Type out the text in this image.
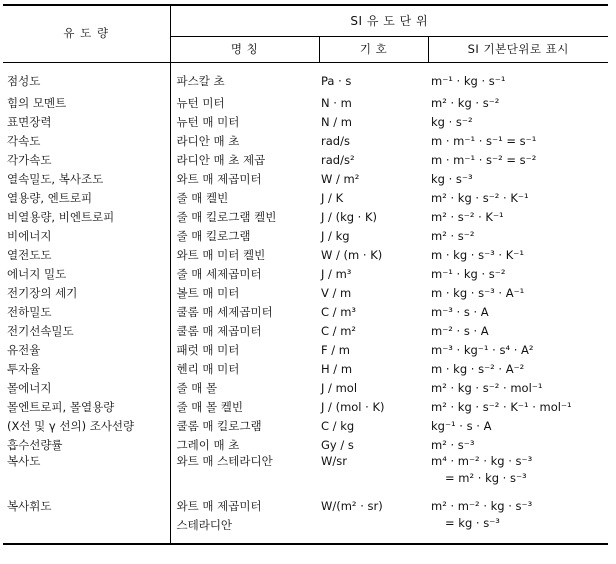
유 도 량	SI 유 도 단 위		
	명 칭	기 호	SI 기본단위로 표시

점성도	파스칼 초	Pa · s	m⁻¹ · kg · s⁻¹

힘의 모멘트	뉴턴 미터	N · m	m² · kg · s⁻²

표면장력	뉴턴 매 미터	N / m	kg · s⁻²

각속도	라디안 매 초	rad/s	m · m⁻¹ · s⁻¹ = s⁻¹

각가속도	라디안 매 초 제곱	rad/s²	m · m⁻¹ · s⁻² = s⁻²

열속밀도, 복사조도	와트 매 제곱미터	W / m²	kg · s⁻³

열용량, 엔트로피	줄 매 켈빈	J / K	m² · kg · s⁻² · K⁻¹

비열용량, 비엔트로피	줄 매 킬로그램 켈빈	J / (kg · K)	m² · s⁻² · K⁻¹

비에너지	줄 매 킬로그램	J / kg	m² · s⁻²

열전도도	와트 매 미터 켈빈	W / (m · K)	m · kg · s⁻³ · K⁻¹

에너지 밀도	줄 매 세제곱미터	J / m³	m⁻¹ · kg · s⁻²

전기장의 세기	볼트 매 미터	V / m	m · kg · s⁻³ · A⁻¹

전하밀도	쿨롬 매 세제곱미터	C / m³	m⁻³ · s · A

전기선속밀도	쿨롬 매 제곱미터	C / m²	m⁻² · s · A

유전율	패럿 매 미터	F / m	m⁻³ · kg⁻¹ · s⁴ · A²

투자율	헨리 매 미터	H / m	m · kg · s⁻² · A⁻²

몰에너지	줄 매 몰	J / mol	m² · kg · s⁻² · mol⁻¹

몰엔트로피, 몰열용량	줄 매 몰 켈빈	J / (mol · K)	m² · kg · s⁻² · K⁻¹ · mol⁻¹

(X선 및 γ 선의) 조사선량	쿨롬 매 킬로그램	C / kg	kg⁻¹ · s · A

흡수선량률	그레이 매 초	Gy / s	m² · s⁻³

복사도	와트 매 스테라디안	W/sr	m⁴ · m⁻² · kg · s⁻³
= m² · kg · s⁻³

복사휘도	와트 매 제곱미터
스테라디안	W/(m² · sr)	m² · m⁻² · kg · s⁻³
= kg · s⁻³
